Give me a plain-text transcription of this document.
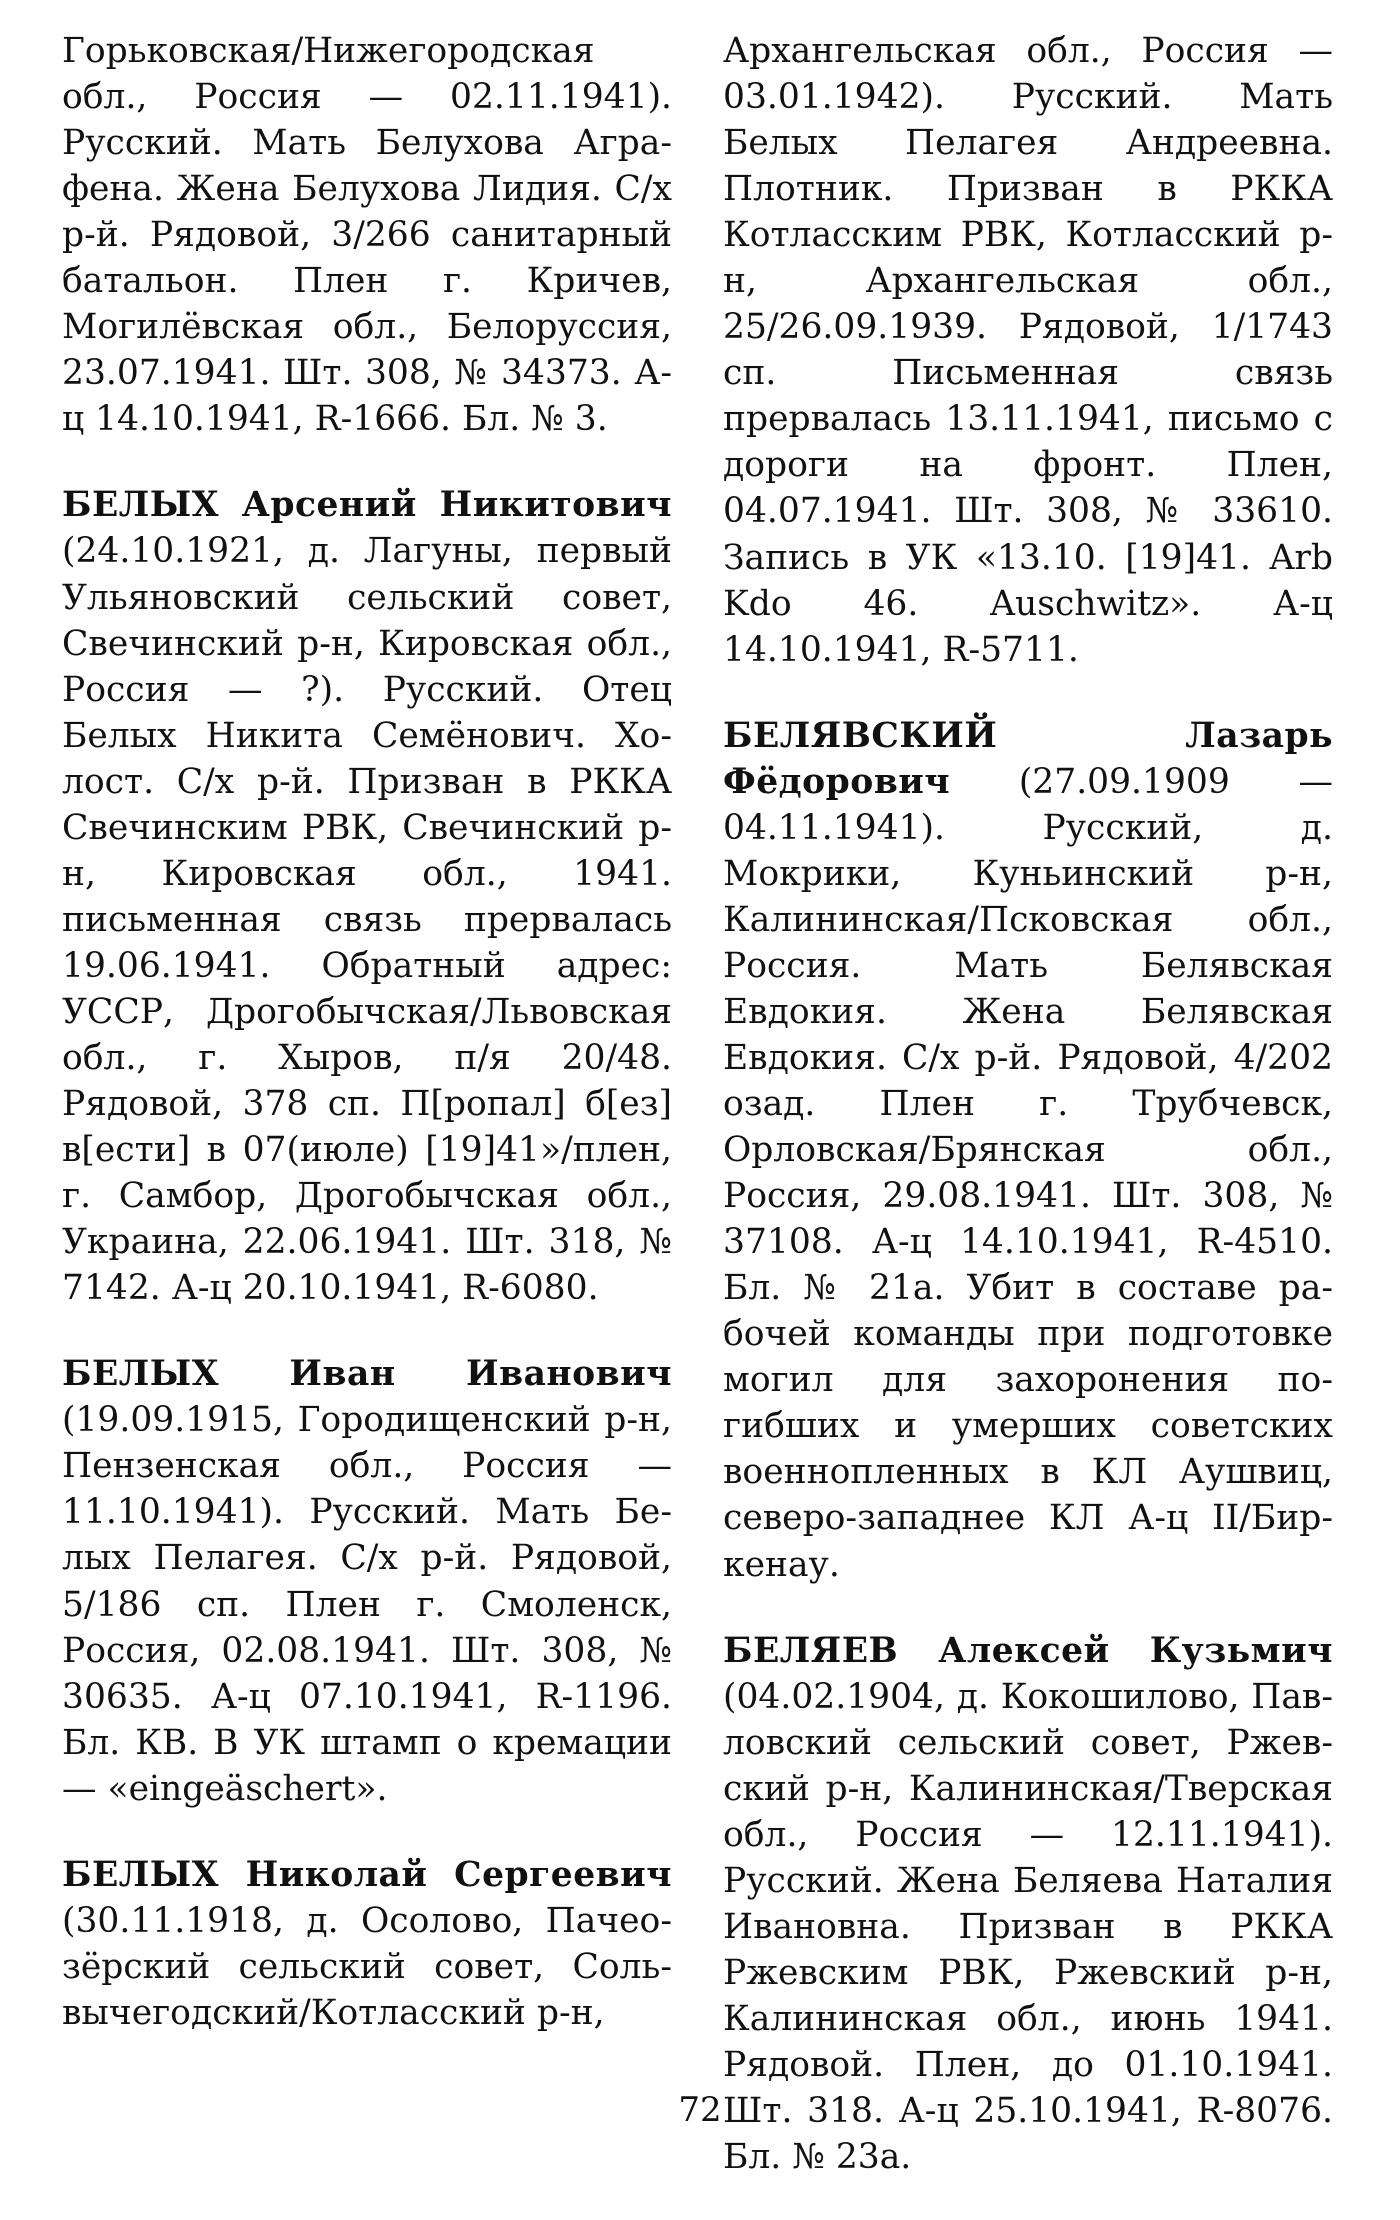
Горьковская/Нижегородская обл., Россия — 02.11.1941). Русский. Мать Белухова Аграфена. Жена Белухова Лидия. С/х р-й. Рядовой, 3/266 санитарный батальон. Плен г. Кричев, Могилёвская обл., Белоруссия, 23.07.1941. Шт. 308, № 34373. А-ц 14.10.1941, R-1666. Бл. № 3.

БЕЛЫХ Арсений Никитович (24.10.1921, д. Лагуны, первый Ульяновский сельский совет, Свечинский р-н, Кировская обл., Россия — ?). Русский. Отец Белых Никита Семёнович. Холост. С/х р-й. Призван в РККА Свечинским РВК, Свечинский р-н, Кировская обл., 1941. письменная связь прервалась 19.06.1941. Обратный адрес: УССР, Дрогобычская/Львовская обл., г. Хыров, п/я 20/48. Рядовой, 378 сп. П[ропал] б[ез] в[ести] в 07(июле) [19]41»/плен, г. Самбор, Дрогобычская обл., Украина, 22.06.1941. Шт. 318, № 7142. А-ц 20.10.1941, R-6080.

БЕЛЫХ Иван Иванович (19.09.1915, Городищенский р-н, Пензенская обл., Россия — 11.10.1941). Русский. Мать Белых Пелагея. С/х р-й. Рядовой, 5/186 сп. Плен г. Смоленск, Россия, 02.08.1941. Шт. 308, № 30635. А-ц 07.10.1941, R-1196. Бл. КВ. В УК штамп о кремации — «eingeäschert».

БЕЛЫХ Николай Сергеевич (30.11.1918, д. Осолово, Пачеозёрский сельский совет, Сольвычегодский/Котласский р-н,

Архангельская обл., Россия — 03.01.1942). Русский. Мать Белых Пелагея Андреевна. Плотник. Призван в РККА Котласским РВК, Котласский р-н, Архангельская обл., 25/26.09.1939. Рядовой, 1/1743 сп. Письменная связь прервалась 13.11.1941, письмо с дороги на фронт. Плен, 04.07.1941. Шт. 308, № 33610. Запись в УК «13.10. [19]41. Arb Kdo 46. Auschwitz». А-ц 14.10.1941, R-5711.

БЕЛЯВСКИЙ Лазарь Фёдорович (27.09.1909 — 04.11.1941). Русский, д. Мокрики, Куньинский р-н, Калининская/Псковская обл., Россия. Мать Белявская Евдокия. Жена Белявская Евдокия. С/х р-й. Рядовой, 4/202 озад. Плен г. Трубчевск, Орловская/Брянская обл., Россия, 29.08.1941. Шт. 308, № 37108. А-ц 14.10.1941, R-4510. Бл. № 21а. Убит в составе рабочей команды при подготовке могил для захоронения погибших и умерших советских военнопленных в КЛ Аушвиц, северо-западнее КЛ А-ц II/Биркенау.

БЕЛЯЕВ Алексей Кузьмич (04.02.1904, д. Кокошилово, Павловский сельский совет, Ржевский р-н, Калининская/Тверская обл., Россия — 12.11.1941). Русский. Жена Беляева Наталия Ивановна. Призван в РККА Ржевским РВК, Ржевский р-н, Калининская обл., июнь 1941. Рядовой. Плен, до 01.10.1941. Шт. 318. А-ц 25.10.1941, R-8076. Бл. № 23а.

72
